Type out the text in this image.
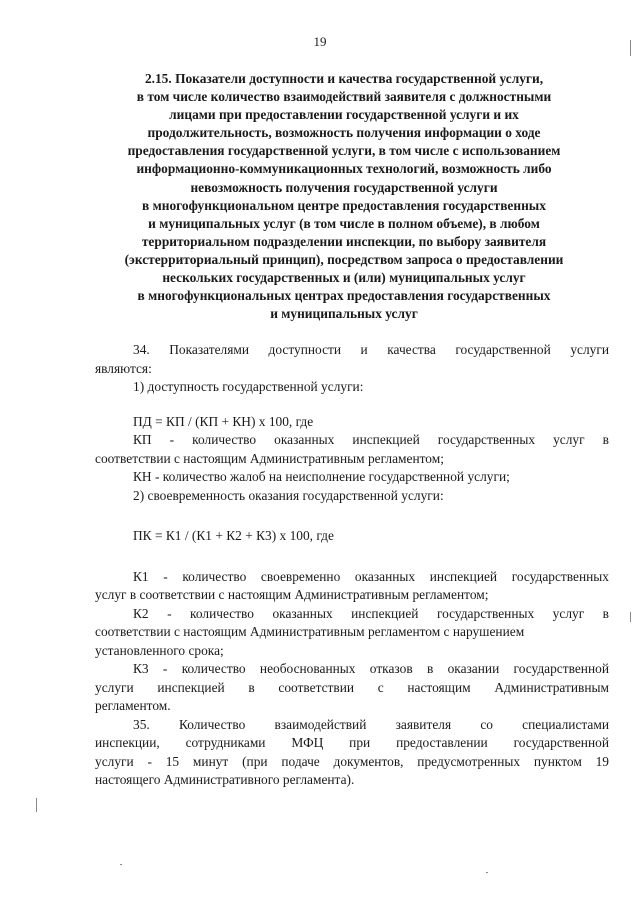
19
2.15. Показатели доступности и качества государственной услуги,
в том числе количество взаимодействий заявителя с должностными
лицами при предоставлении государственной услуги и их
продолжительность, возможность получения информации о ходе
предоставления государственной услуги, в том числе с использованием
информационно-коммуникационных технологий, возможность либо
невозможность получения государственной услуги
в многофункциональном центре предоставления государственных
и муниципальных услуг (в том числе в полном объеме), в любом
территориальном подразделении инспекции, по выбору заявителя
(экстерриториальный принцип), посредством запроса о предоставлении
нескольких государственных и (или) муниципальных услуг
в многофункциональных центрах предоставления государственных
и муниципальных услуг
34. Показателями доступности и качества государственной услуги
являются:
1) доступность государственной услуги:
ПД = КП / (КП + КН) x 100, где
КП - количество оказанных инспекцией государственных услуг в
соответствии с настоящим Административным регламентом;
КН - количество жалоб на неисполнение государственной услуги;
2) своевременность оказания государственной услуги:
ПК = К1 / (К1 + К2 + К3) x 100, где
К1 - количество своевременно оказанных инспекцией государственных
услуг в соответствии с настоящим Административным регламентом;
К2 - количество оказанных инспекцией государственных услуг в
соответствии с настоящим Административным регламентом с нарушением
установленного срока;
К3 - количество необоснованных отказов в оказании государственной
услуги инспекцией в соответствии с настоящим Административным
регламентом.
35. Количество взаимодействий заявителя со специалистами
инспекции, сотрудниками МФЦ при предоставлении государственной
услуги - 15 минут (при подаче документов, предусмотренных пунктом 19
настоящего Административного регламента).
